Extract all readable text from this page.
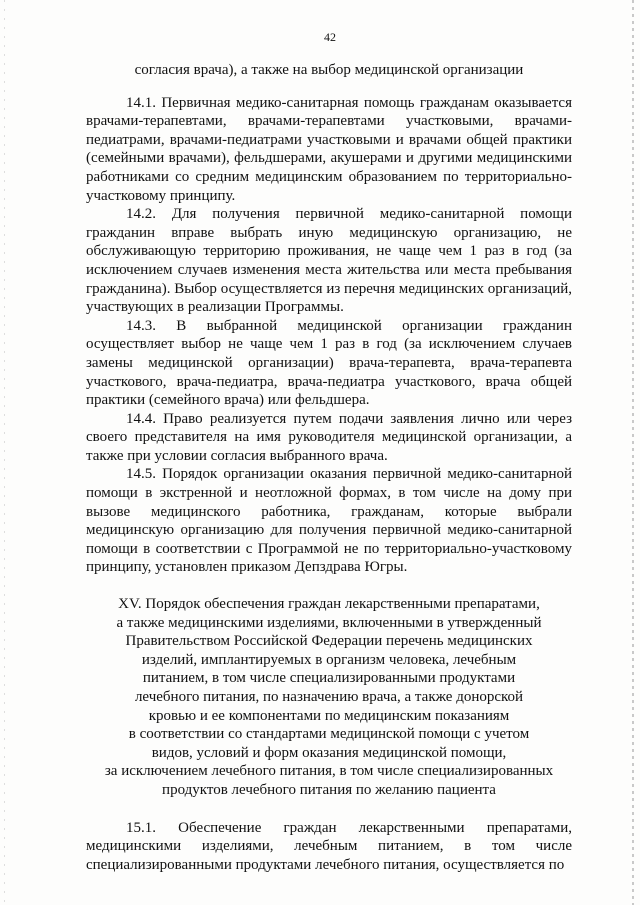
42

согласия врача), а также на выбор медицинской организации

14.1. Первичная медико-санитарная помощь гражданам оказывается врачами-терапевтами, врачами-терапевтами участковыми, врачами-педиатрами, врачами-педиатрами участковыми и врачами общей практики (семейными врачами), фельдшерами, акушерами и другими медицинскими работниками со средним медицинским образованием по территориально-участковому принципу.

14.2. Для получения первичной медико-санитарной помощи гражданин вправе выбрать иную медицинскую организацию, не обслуживающую территорию проживания, не чаще чем 1 раз в год (за исключением случаев изменения места жительства или места пребывания гражданина). Выбор осуществляется из перечня медицинских организаций, участвующих в реализации Программы.

14.3. В выбранной медицинской организации гражданин осуществляет выбор не чаще чем 1 раз в год (за исключением случаев замены медицинской организации) врача-терапевта, врача-терапевта участкового, врача-педиатра, врача-педиатра участкового, врача общей практики (семейного врача) или фельдшера.

14.4. Право реализуется путем подачи заявления лично или через своего представителя на имя руководителя медицинской организации, а также при условии согласия выбранного врача.

14.5. Порядок организации оказания первичной медико-санитарной помощи в экстренной и неотложной формах, в том числе на дому при вызове медицинского работника, гражданам, которые выбрали медицинскую организацию для получения первичной медико-санитарной помощи в соответствии с Программой не по территориально-участковому принципу, установлен приказом Депздрава Югры.

XV. Порядок обеспечения граждан лекарственными препаратами,
а также медицинскими изделиями, включенными в утвержденный
Правительством Российской Федерации перечень медицинских
изделий, имплантируемых в организм человека, лечебным
питанием, в том числе специализированными продуктами
лечебного питания, по назначению врача, а также донорской
кровью и ее компонентами по медицинским показаниям
в соответствии со стандартами медицинской помощи с учетом
видов, условий и форм оказания медицинской помощи,
за исключением лечебного питания, в том числе специализированных
продуктов лечебного питания по желанию пациента

15.1. Обеспечение граждан лекарственными препаратами, медицинскими изделиями, лечебным питанием, в том числе специализированными продуктами лечебного питания, осуществляется по
